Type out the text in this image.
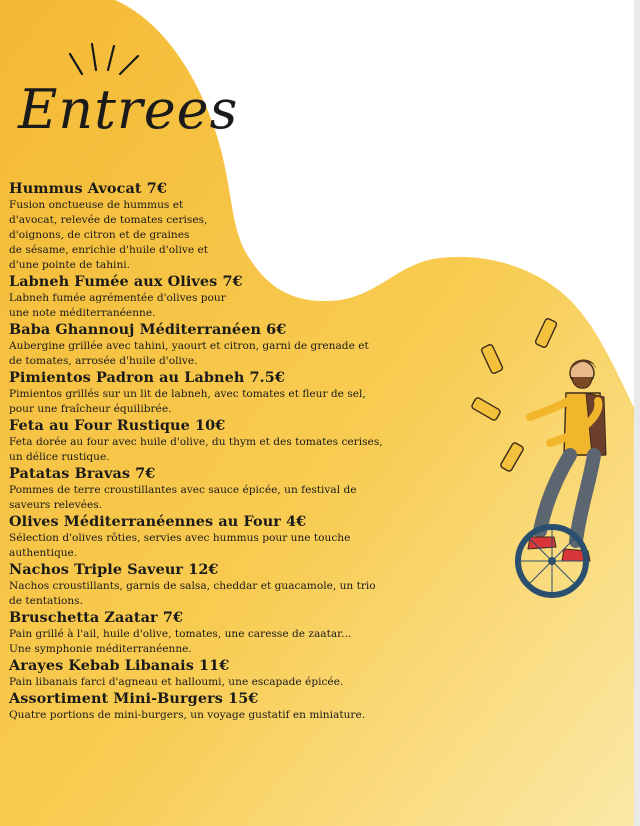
Entrees
Hummus Avocat 7€

Fusion onctueuse de hummus et
d'avocat, relevée de tomates cerises,
d'oignons, de citron et de graines
de sésame, enrichie d'huile d'olive et
d'une pointe de tahini.

Labneh Fumée aux Olives 7€

Labneh fumée agrémentée d'olives pour
une note méditerranéenne.

Baba Ghannouj Méditerranéen 6€

Aubergine grillée avec tahini, yaourt et citron, garni de grenade et
de tomates, arrosée d'huile d'olive.

Pimientos Padron au Labneh 7.5€

Pimientos grillés sur un lit de labneh, avec tomates et fleur de sel,
pour une fraîcheur équilibrée.

Feta au Four Rustique 10€

Feta dorée au four avec huile d'olive, du thym et des tomates cerises,
un délice rustique.

Patatas Bravas 7€

Pommes de terre croustillantes avec sauce épicée, un festival de
saveurs relevées.

Olives Méditerranéennes au Four 4€

Sélection d'olives rôties, servies avec hummus pour une touche
authentique.

Nachos Triple Saveur 12€

Nachos croustillants, garnis de salsa, cheddar et guacamole, un trio
de tentations.

Bruschetta Zaatar 7€

Pain grillé à l'ail, huile d'olive, tomates, une caresse de zaatar...
Une symphonie méditerranéenne.

Arayes Kebab Libanais 11€

Pain libanais farci d'agneau et halloumi, une escapade épicée.

Assortiment Mini-Burgers 15€

Quatre portions de mini-burgers, un voyage gustatif en miniature.
